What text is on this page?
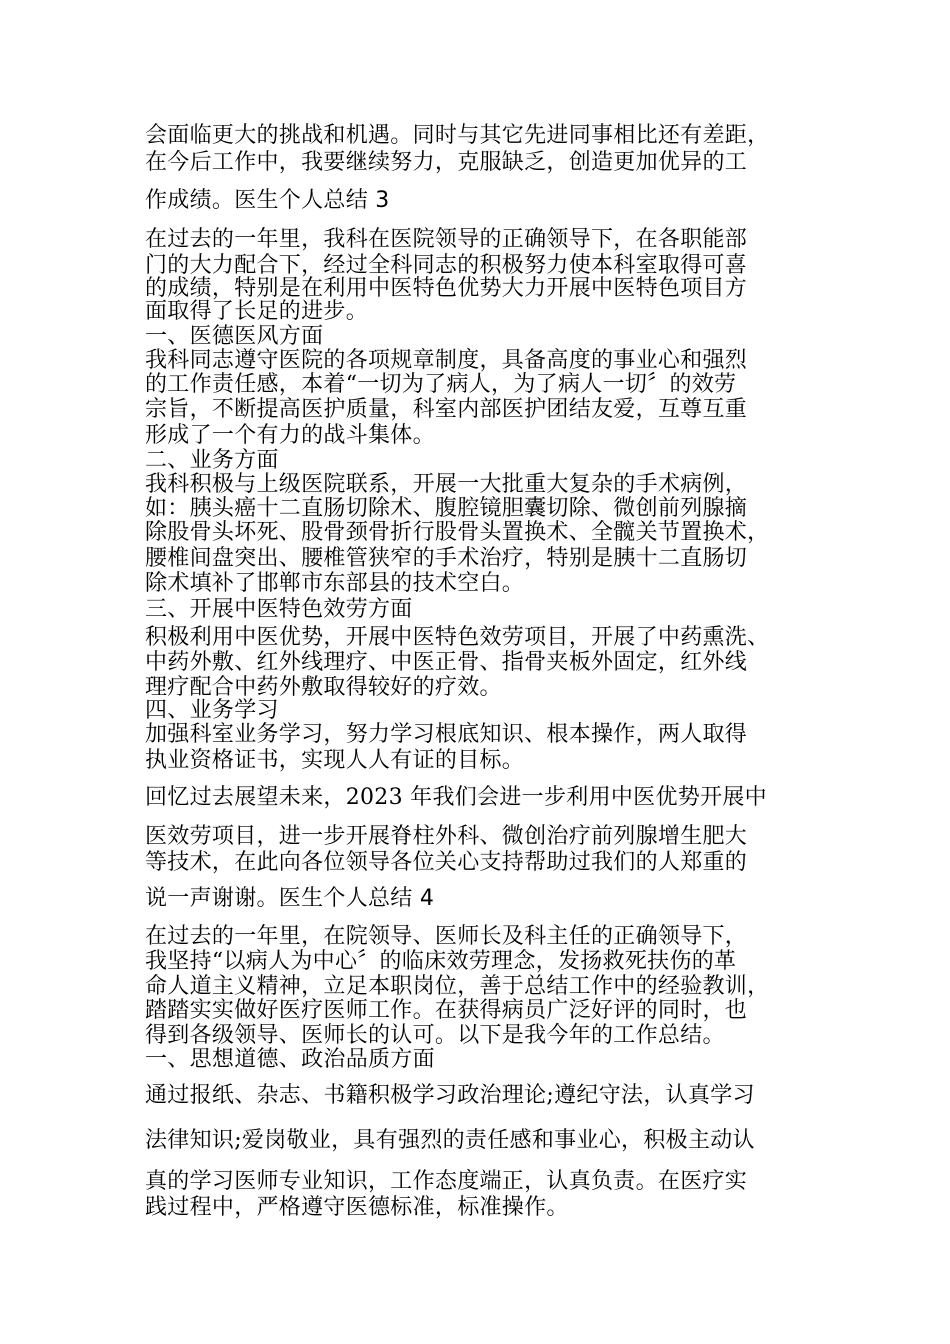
会面临更大的挑战和机遇。同时与其它先进同事相比还有差距，
在今后工作中，我要继续努力，克服缺乏，创造更加优异的工
作成绩。医生个人总结 3
在过去的一年里，我科在医院领导的正确领导下，在各职能部
门的大力配合下，经过全科同志的积极努力使本科室取得可喜
的成绩，特别是在利用中医特色优势大力开展中医特色项目方
面取得了长足的进步。
一、医德医风方面
我科同志遵守医院的各项规章制度，具备高度的事业心和强烈
的工作责任感，本着“一切为了病人，为了病人一切〞的效劳
宗旨，不断提高医护质量，科室内部医护团结友爱，互尊互重
形成了一个有力的战斗集体。
二、业务方面
我科积极与上级医院联系，开展一大批重大复杂的手术病例，
如：胰头癌十二直肠切除术、腹腔镜胆囊切除、微创前列腺摘
除股骨头坏死、股骨颈骨折行股骨头置换术、全髋关节置换术，
腰椎间盘突出、腰椎管狭窄的手术治疗，特别是胰十二直肠切
除术填补了邯郸市东部县的技术空白。
三、开展中医特色效劳方面
积极利用中医优势，开展中医特色效劳项目，开展了中药熏洗、
中药外敷、红外线理疗、中医正骨、指骨夹板外固定，红外线
理疗配合中药外敷取得较好的疗效。
四、业务学习
加强科室业务学习，努力学习根底知识、根本操作，两人取得
执业资格证书，实现人人有证的目标。
回忆过去展望未来，2023 年我们会进一步利用中医优势开展中
医效劳项目，进一步开展脊柱外科、微创治疗前列腺增生肥大
等技术，在此向各位领导各位关心支持帮助过我们的人郑重的
说一声谢谢。医生个人总结 4
在过去的一年里，在院领导、医师长及科主任的正确领导下，
我坚持“以病人为中心〞的临床效劳理念，发扬救死扶伤的革
命人道主义精神，立足本职岗位，善于总结工作中的经验教训，
踏踏实实做好医疗医师工作。在获得病员广泛好评的同时，也
得到各级领导、医师长的认可。以下是我今年的工作总结。
一、思想道德、政治品质方面
通过报纸、杂志、书籍积极学习政治理论;遵纪守法，认真学习
法律知识;爱岗敬业，具有强烈的责任感和事业心，积极主动认
真的学习医师专业知识，工作态度端正，认真负责。在医疗实
践过程中，严格遵守医德标准，标准操作。
